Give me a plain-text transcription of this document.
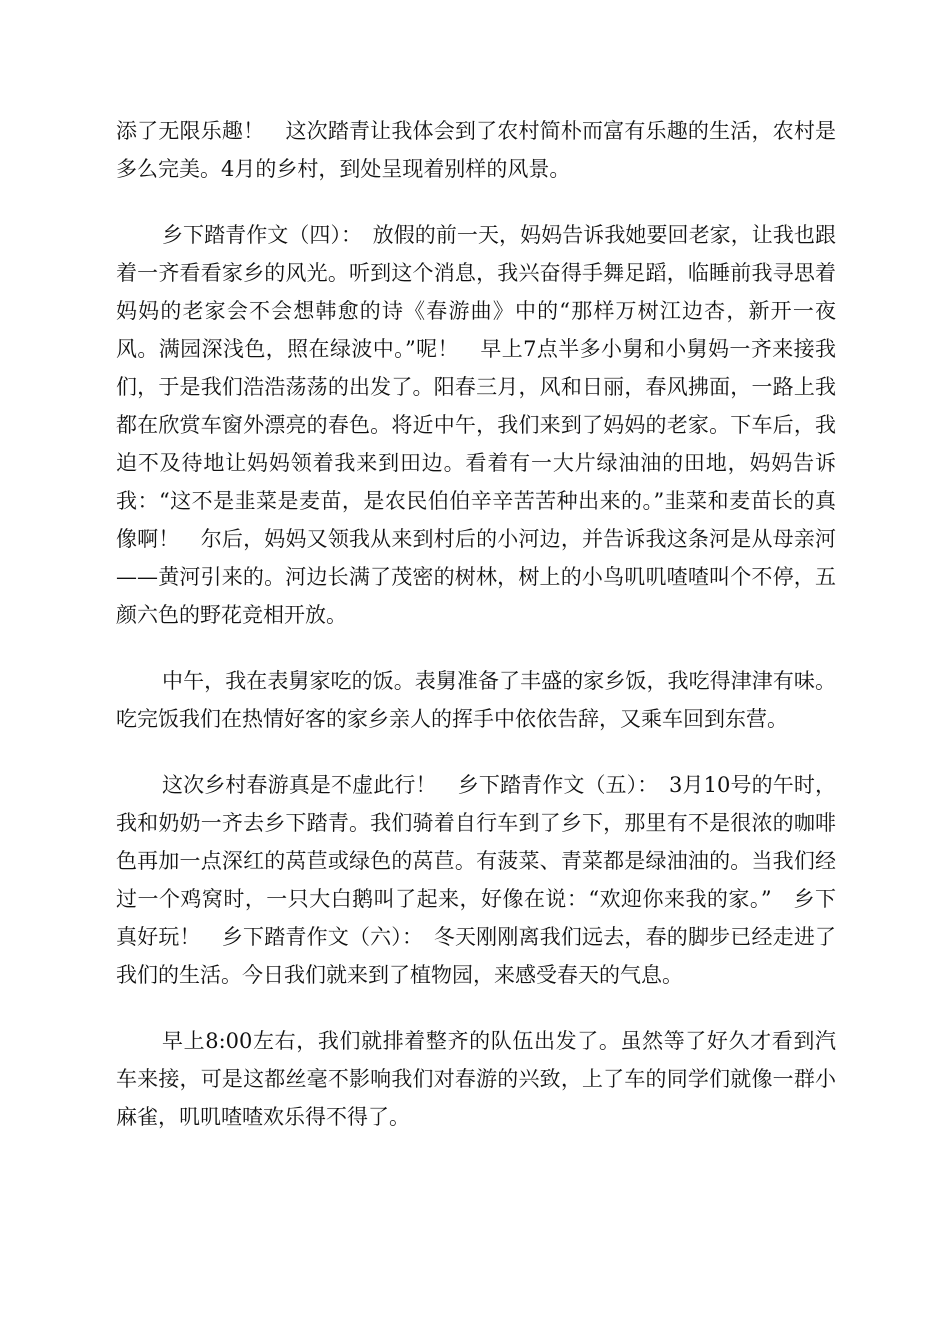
添了无限乐趣！　这次踏青让我体会到了农村简朴而富有乐趣的生活，农村是多么完美。4月的乡村，到处呈现着别样的风景。

乡下踏青作文（四）：　放假的前一天，妈妈告诉我她要回老家，让我也跟着一齐看看家乡的风光。听到这个消息，我兴奋得手舞足蹈，临睡前我寻思着妈妈的老家会不会想韩愈的诗《春游曲》中的“那样万树江边杏，新开一夜风。满园深浅色，照在绿波中。”呢！　早上7点半多小舅和小舅妈一齐来接我们，于是我们浩浩荡荡的出发了。阳春三月，风和日丽，春风拂面，一路上我都在欣赏车窗外漂亮的春色。将近中午，我们来到了妈妈的老家。下车后，我迫不及待地让妈妈领着我来到田边。看着有一大片绿油油的田地，妈妈告诉我：“这不是韭菜是麦苗，是农民伯伯辛辛苦苦种出来的。”韭菜和麦苗长的真像啊！　尔后，妈妈又领我从来到村后的小河边，并告诉我这条河是从母亲河——黄河引来的。河边长满了茂密的树林，树上的小鸟叽叽喳喳叫个不停，五颜六色的野花竞相开放。

中午，我在表舅家吃的饭。表舅准备了丰盛的家乡饭，我吃得津津有味。吃完饭我们在热情好客的家乡亲人的挥手中依依告辞，又乘车回到东营。

这次乡村春游真是不虚此行！　乡下踏青作文（五）：　3月10号的午时，我和奶奶一齐去乡下踏青。我们骑着自行车到了乡下，那里有不是很浓的咖啡色再加一点深红的莴苣或绿色的莴苣。有菠菜、青菜都是绿油油的。当我们经过一个鸡窝时，一只大白鹅叫了起来，好像在说：“欢迎你来我的家。”　乡下真好玩！　乡下踏青作文（六）：　冬天刚刚离我们远去，春的脚步已经走进了我们的生活。今日我们就来到了植物园，来感受春天的气息。

早上8:00左右，我们就排着整齐的队伍出发了。虽然等了好久才看到汽车来接，可是这都丝毫不影响我们对春游的兴致，上了车的同学们就像一群小麻雀，叽叽喳喳欢乐得不得了。
